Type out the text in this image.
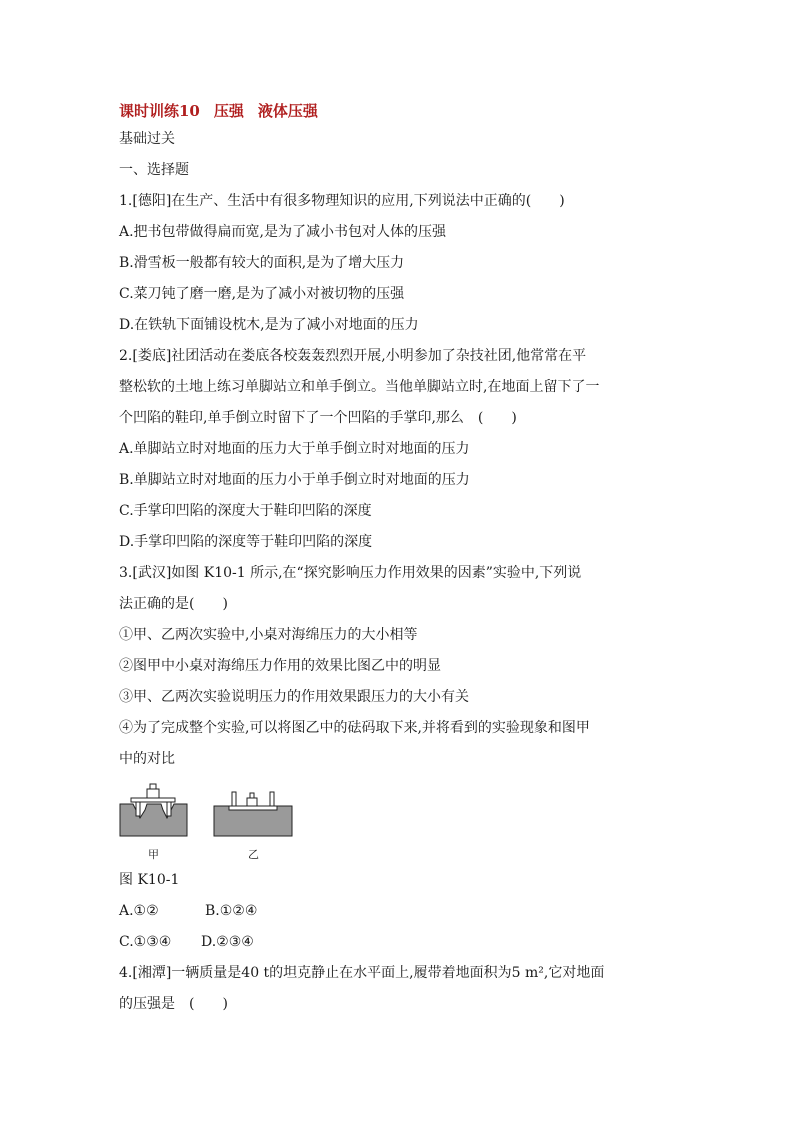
课时训练10 压强 液体压强
基础过关
一、选择题
1.[德阳]在生产、生活中有很多物理知识的应用,下列说法中正确的(　　)
A.把书包带做得扁而宽,是为了减小书包对人体的压强
B.滑雪板一般都有较大的面积,是为了增大压力
C.菜刀钝了磨一磨,是为了减小对被切物的压强
D.在铁轨下面铺设枕木,是为了减小对地面的压力
2.[娄底]社团活动在娄底各校轰轰烈烈开展,小明参加了杂技社团,他常常在平
整松软的土地上练习单脚站立和单手倒立。当他单脚站立时,在地面上留下了一
个凹陷的鞋印,单手倒立时留下了一个凹陷的手掌印,那么　(　　)
A.单脚站立时对地面的压力大于单手倒立时对地面的压力
B.单脚站立时对地面的压力小于单手倒立时对地面的压力
C.手掌印凹陷的深度大于鞋印凹陷的深度
D.手掌印凹陷的深度等于鞋印凹陷的深度
3.[武汉]如图 K10-1 所示,在“探究影响压力作用效果的因素”实验中,下列说
法正确的是(　　)
①甲、乙两次实验中,小桌对海绵压力的大小相等
②图甲中小桌对海绵压力作用的效果比图乙中的明显
③甲、乙两次实验说明压力的作用效果跟压力的大小有关
④为了完成整个实验,可以将图乙中的砝码取下来,并将看到的实验现象和图甲
中的对比
甲	乙
图 K10-1
A.①②	B.①②④
C.①③④ D.②③④
4.[湘潭]一辆质量是40 t的坦克静止在水平面上,履带着地面积为5 m²,它对地面
的压强是　(　　)
